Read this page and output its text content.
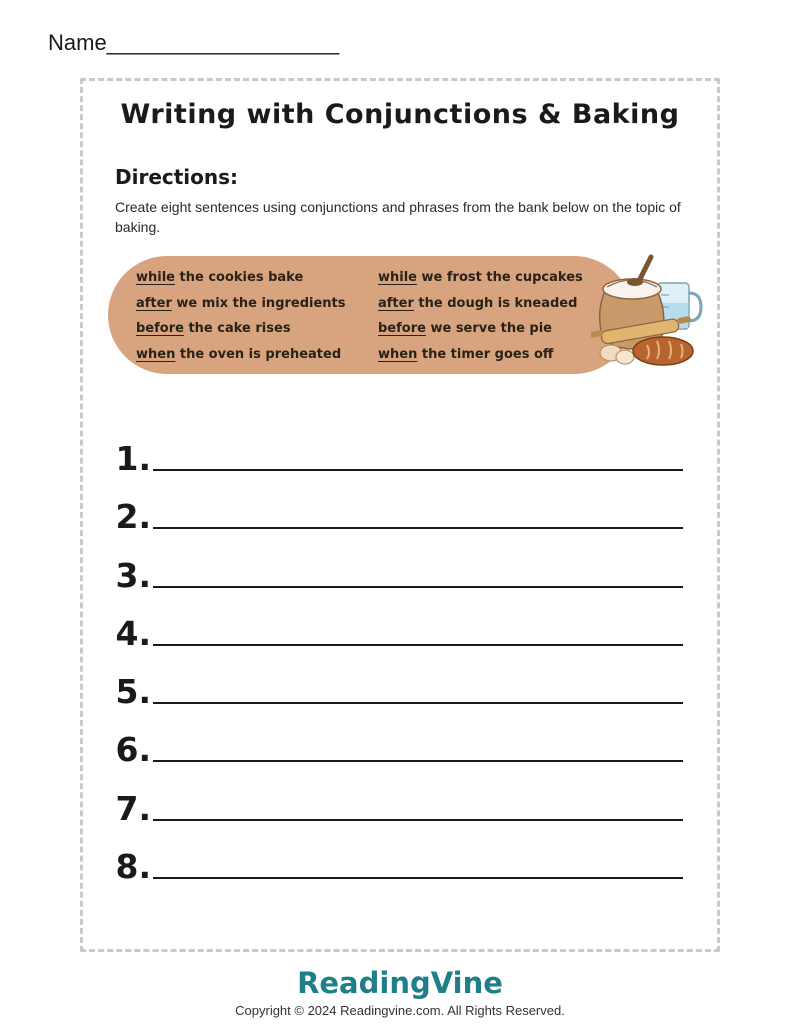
Name___________________
Writing with Conjunctions & Baking
Directions:
Create eight sentences using conjunctions and phrases from the bank below on the topic of baking.
while the cookies bake
after we mix the ingredients
before the cake rises
when the oven is preheated
while we frost the cupcakes
after the dough is kneaded
before we serve the pie
when the timer goes off
1.
2.
3.
4.
5.
6.
7.
8.
ReadingVine
Copyright © 2024 Readingvine.com. All Rights Reserved.
